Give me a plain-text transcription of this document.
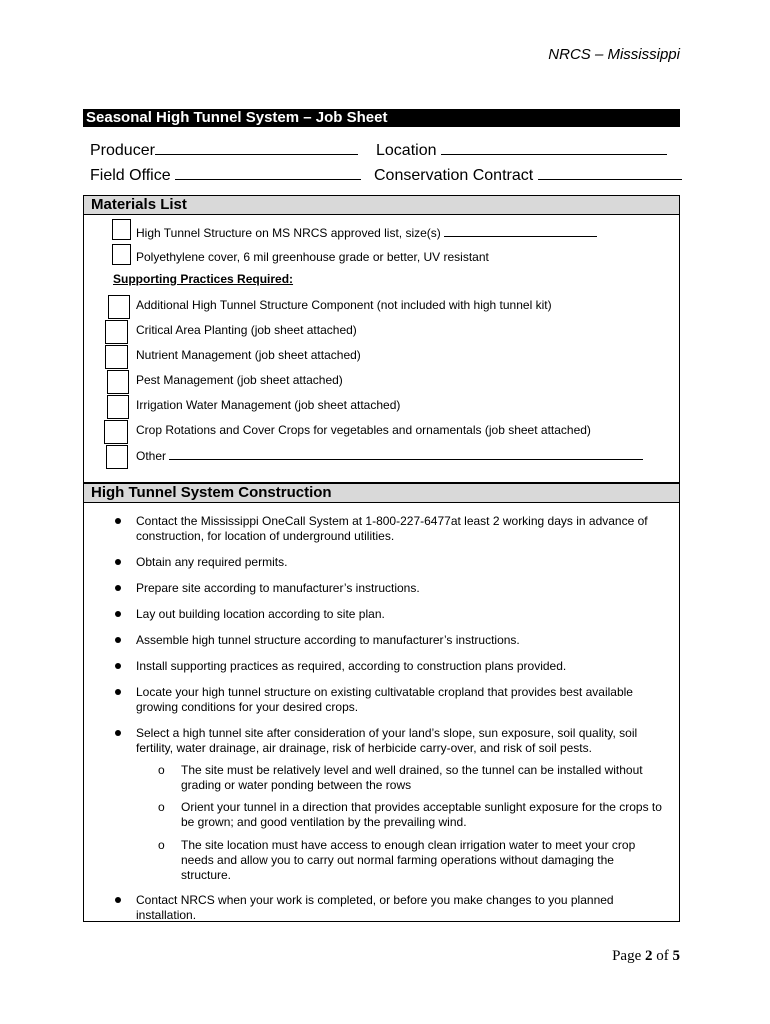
NRCS – Mississippi
Seasonal High Tunnel System – Job Sheet
Producer	Location
Field Office	Conservation Contract
Materials List
High Tunnel Structure on MS NRCS approved list, size(s)
Polyethylene cover, 6 mil greenhouse grade or better, UV resistant
Supporting Practices Required:
Additional High Tunnel Structure Component (not included with high tunnel kit)
Critical Area Planting (job sheet attached)
Nutrient Management (job sheet attached)
Pest Management (job sheet attached)
Irrigation Water Management (job sheet attached)
Crop Rotations and Cover Crops for vegetables and ornamentals (job sheet attached)
Other
High Tunnel System Construction
Contact the Mississippi OneCall System at 1-800-227-6477at least 2 working days in advance of construction, for location of underground utilities.
Obtain any required permits.
Prepare site according to manufacturer’s instructions.
Lay out building location according to site plan.
Assemble high tunnel structure according to manufacturer’s instructions.
Install supporting practices as required, according to construction plans provided.
Locate your high tunnel structure on existing cultivatable cropland that provides best available growing conditions for your desired crops.
Select a high tunnel site after consideration of your land’s slope, sun exposure, soil quality, soil fertility, water drainage, air drainage, risk of herbicide carry-over, and risk of soil pests.
o The site must be relatively level and well drained, so the tunnel can be installed without grading or water ponding between the rows
o Orient your tunnel in a direction that provides acceptable sunlight exposure for the crops to be grown; and good ventilation by the prevailing wind.
o The site location must have access to enough clean irrigation water to meet your crop needs and allow you to carry out normal farming operations without damaging the structure.
Contact NRCS when your work is completed, or before you make changes to you planned installation.
Page 2 of 5
